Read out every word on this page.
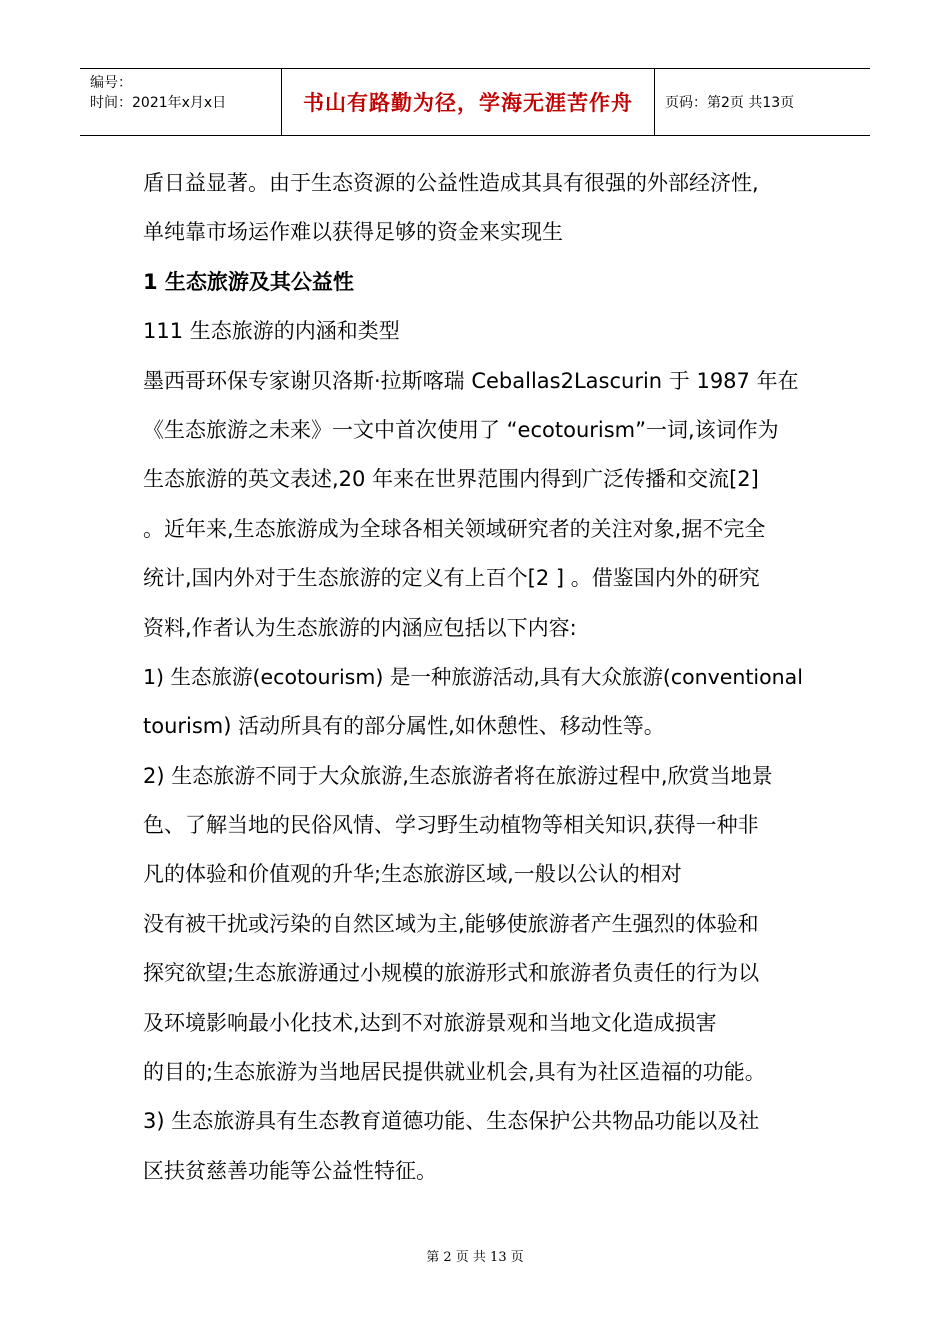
编号：
时间：2021年x月x日	书山有路勤为径，学海无涯苦作舟	页码：第2页 共13页
盾日益显著。由于生态资源的公益性造成其具有很强的外部经济性,
单纯靠市场运作难以获得足够的资金来实现生
1 生态旅游及其公益性
111 生态旅游的内涵和类型
墨西哥环保专家谢贝洛斯·拉斯喀瑞 Ceballas2Lascurin 于 1987 年在
《生态旅游之未来》一文中首次使用了 “ecotourism”一词,该词作为
生态旅游的英文表述,20 年来在世界范围内得到广泛传播和交流[2]
。近年来,生态旅游成为全球各相关领域研究者的关注对象,据不完全
统计,国内外对于生态旅游的定义有上百个[2 ] 。借鉴国内外的研究
资料,作者认为生态旅游的内涵应包括以下内容:
1) 生态旅游(ecotourism) 是一种旅游活动,具有大众旅游(conventional
tourism) 活动所具有的部分属性,如休憩性、移动性等。
2) 生态旅游不同于大众旅游,生态旅游者将在旅游过程中,欣赏当地景
色、了解当地的民俗风情、学习野生动植物等相关知识,获得一种非
凡的体验和价值观的升华;生态旅游区域,一般以公认的相对
没有被干扰或污染的自然区域为主,能够使旅游者产生强烈的体验和
探究欲望;生态旅游通过小规模的旅游形式和旅游者负责任的行为以
及环境影响最小化技术,达到不对旅游景观和当地文化造成损害
的目的;生态旅游为当地居民提供就业机会,具有为社区造福的功能。
3) 生态旅游具有生态教育道德功能、生态保护公共物品功能以及社
区扶贫慈善功能等公益性特征。
第 2 页 共 13 页
